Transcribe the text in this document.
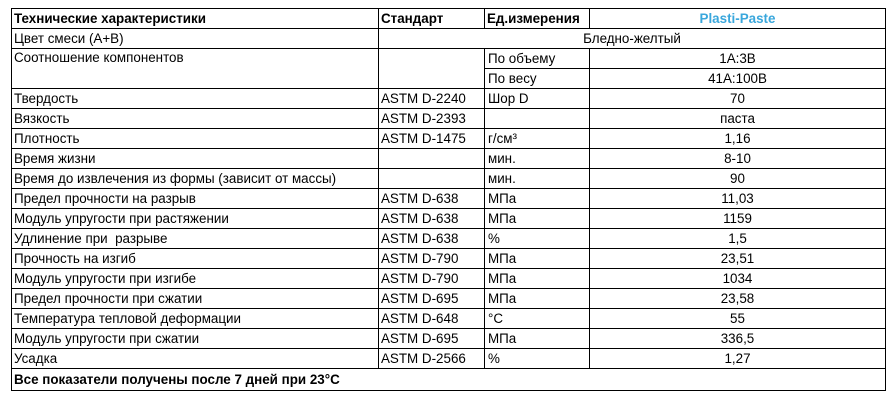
Технические характеристики	Стандарт	Ед.измерения	Plasti-Paste
Цвет смеси (А+В)	Бледно-желтый		
Соотношение компонентов		По объему	1А:3В
		По весу	41А:100В
Твердость	ASTM D-2240	Шор D	70
Вязкость	ASTM D-2393		паста
Плотность	ASTM D-1475	г/см³	1,16
Время жизни		мин.	8-10
Время до извлечения из формы (зависит от массы)		мин.	90
Предел прочности на разрыв	ASTM D-638	МПа	11,03
Модуль упругости при растяжении	ASTM D-638	МПа	1159
Удлинение при  разрыве	ASTM D-638	%	1,5
Прочность на изгиб	ASTM D-790	МПа	23,51
Модуль упругости при изгибе	ASTM D-790	МПа	1034
Предел прочности при сжатии	ASTM D-695	МПа	23,58
Температура тепловой деформации	ASTM D-648	°С	55
Модуль упругости при сжатии	ASTM D-695	МПа	336,5
Усадка	ASTM D-2566	%	1,27
Все показатели получены после 7 дней при 23°С			
